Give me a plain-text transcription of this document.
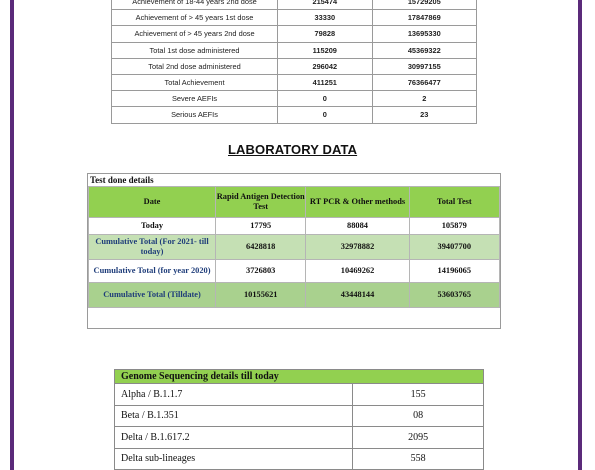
Achievement of 18-44 years 2nd dose	215474	15729205
Achievement of > 45 years 1st dose	33330	17847869
Achievement of > 45 years 2nd dose	79828	13695330
Total 1st dose administered	115209	45369322
Total 2nd dose administered	296042	30997155
Total Achievement	411251	76366477
Severe AEFIs	0	2
Serious AEFIs	0	23
LABORATORY DATA
Test done details
Date	Rapid Antigen Detection Test	RT PCR & Other methods	Total Test
Today	17795	88084	105879
Cumulative Total (For 2021- till today)	6428818	32978882	39407700
Cumulative Total (for year 2020)	3726803	10469262	14196065
Cumulative Total (Tilldate)	10155621	43448144	53603765
Genome Sequencing details till today	
Alpha / B.1.1.7	155
Beta / B.1.351	08
Delta / B.1.617.2	2095
Delta sub-lineages	558
